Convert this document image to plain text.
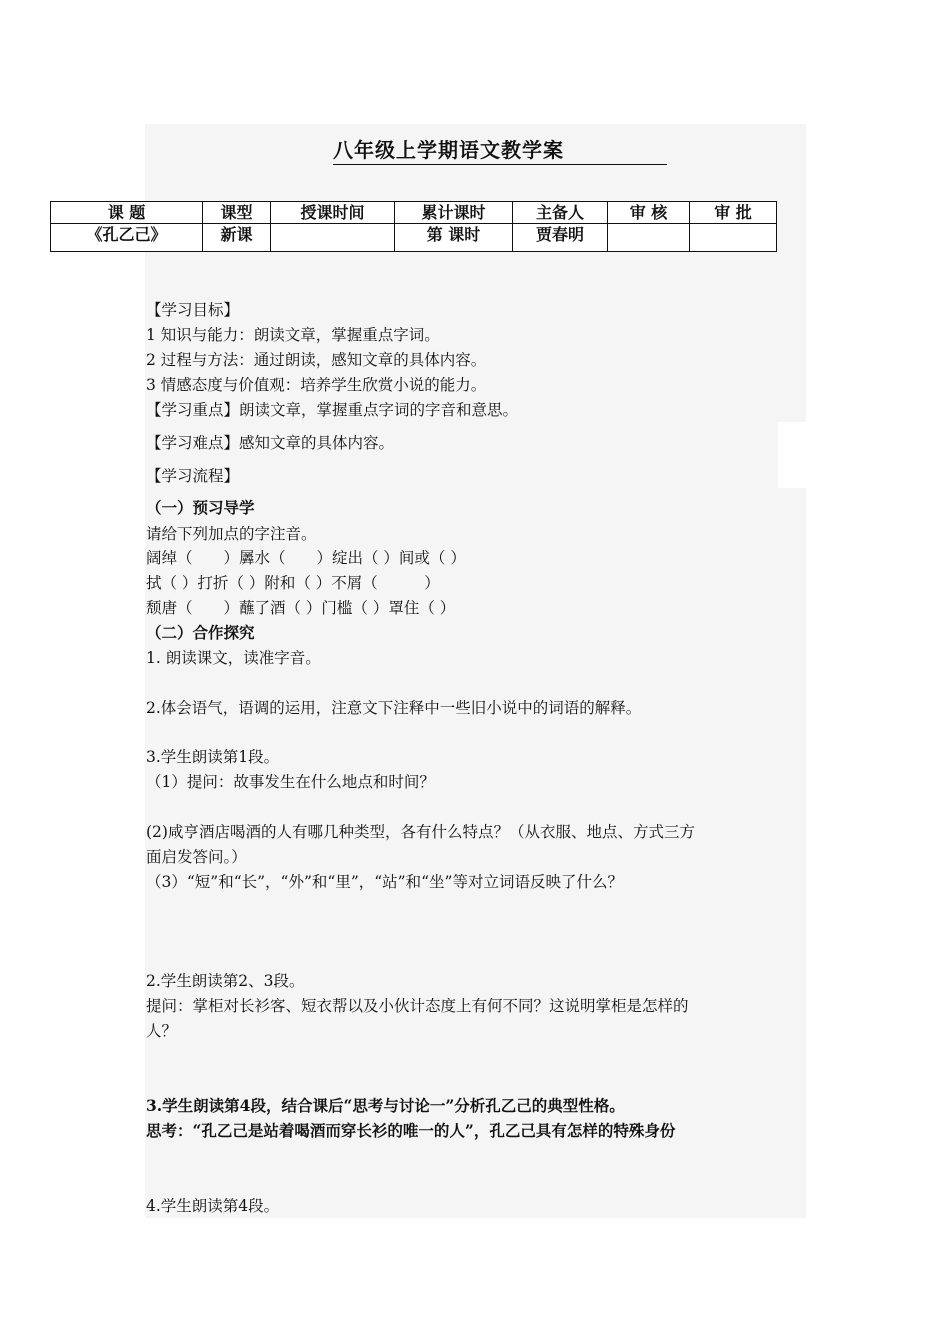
八年级上学期语文教学案
课 题	课型	授课时间	累计课时	主备人	审 核	审 批
《孔乙己》	新课		第 课时	贾春明		
【学习目标】
1 知识与能力：朗读文章，掌握重点字词。
2 过程与方法：通过朗读，感知文章的具体内容。
3 情感态度与价值观：培养学生欣赏小说的能力。
【学习重点】朗读文章，掌握重点字词的字音和意思。
【学习难点】感知文章的具体内容。
【学习流程】
（一）预习导学
请给下列加点的字注音。
阔绰（　　）羼水（　　）绽出（ ）间或（ ）
拭（ ）打折（ ）附和（ ）不屑（　　　）
颓唐（　　）蘸了酒（ ）门槛（ ）罩住（ ）
（二）合作探究
1. 朗读课文，读准字音。
2.体会语气，语调的运用，注意文下注释中一些旧小说中的词语的解释。
3.学生朗读第1段。
（1）提问：故事发生在什么地点和时间？
(2)咸亨酒店喝酒的人有哪几种类型，各有什么特点？（从衣服、地点、方式三方
面启发答问。）
（3）“短”和“长”，“外”和“里”，“站”和“坐”等对立词语反映了什么？
2.学生朗读第2、3段。
提问：掌柜对长衫客、短衣帮以及小伙计态度上有何不同？这说明掌柜是怎样的
人？
3.学生朗读第4段，结合课后“思考与讨论一”分析孔乙己的典型性格。
思考：“孔乙己是站着喝酒而穿长衫的唯一的人”，孔乙己具有怎样的特殊身份
4.学生朗读第4段。
